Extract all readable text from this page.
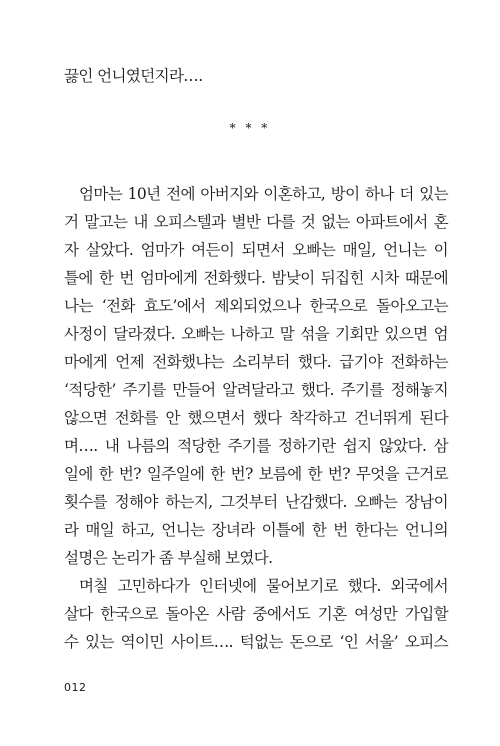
끓인 언니였던지라….
* * *
엄마는 10년 전에 아버지와 이혼하고, 방이 하나 더 있는
거 말고는 내 오피스텔과 별반 다를 것 없는 아파트에서 혼
자 살았다. 엄마가 여든이 되면서 오빠는 매일, 언니는 이
틀에 한 번 엄마에게 전화했다. 밤낮이 뒤집힌 시차 때문에
나는 ‘전화 효도’에서 제외되었으나 한국으로 돌아오고는
사정이 달라졌다. 오빠는 나하고 말 섞을 기회만 있으면 엄
마에게 언제 전화했냐는 소리부터 했다. 급기야 전화하는
‘적당한’ 주기를 만들어 알려달라고 했다. 주기를 정해놓지
않으면 전화를 안 했으면서 했다 착각하고 건너뛰게 된다
며…. 내 나름의 적당한 주기를 정하기란 쉽지 않았다. 삼
일에 한 번? 일주일에 한 번? 보름에 한 번? 무엇을 근거로
횟수를 정해야 하는지, 그것부터 난감했다. 오빠는 장남이
라 매일 하고, 언니는 장녀라 이틀에 한 번 한다는 언니의
설명은 논리가 좀 부실해 보였다.
며칠 고민하다가 인터넷에 물어보기로 했다. 외국에서
살다 한국으로 돌아온 사람 중에서도 기혼 여성만 가입할
수 있는 역이민 사이트…. 턱없는 돈으로 ‘인 서울’ 오피스
012
